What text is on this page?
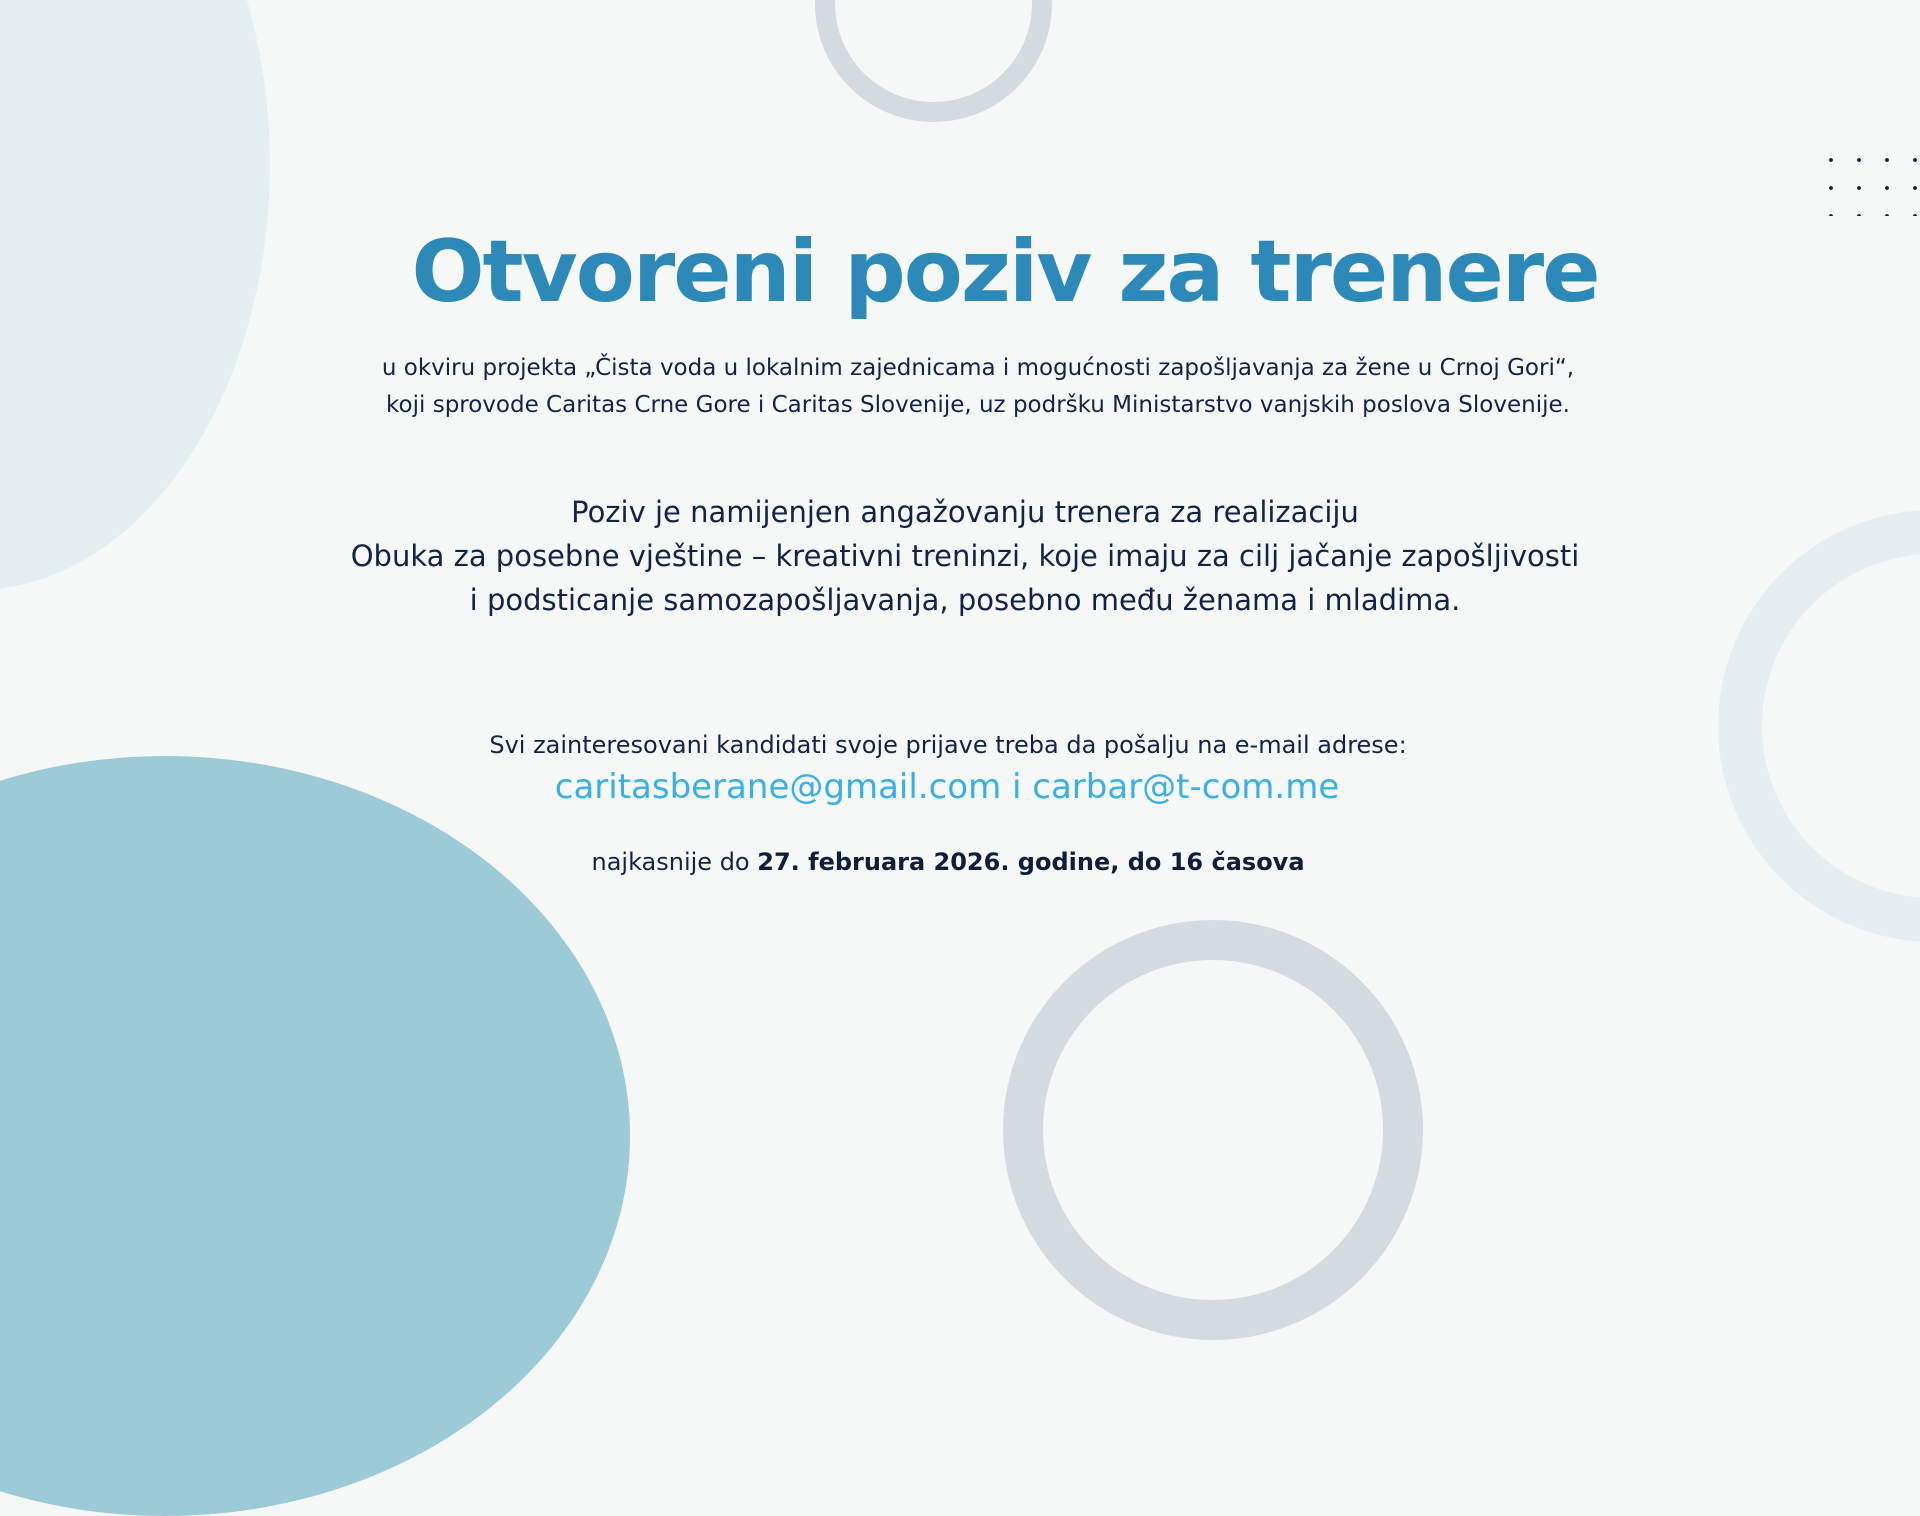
Otvoreni poziv za trenere
u okviru projekta „Čista voda u lokalnim zajednicama i mogućnosti zapošljavanja za žene u Crnoj Gori“,
koji sprovode Caritas Crne Gore i Caritas Slovenije, uz podršku Ministarstvo vanjskih poslova Slovenije.
Poziv je namijenjen angažovanju trenera za realizaciju
Obuka za posebne vještine – kreativni treninzi, koje imaju za cilj jačanje zapošljivosti
i podsticanje samozapošljavanja, posebno među ženama i mladima.
Svi zainteresovani kandidati svoje prijave treba da pošalju na e-mail adrese:
caritasberane@gmail.com i carbar@t-com.me
najkasnije do 27. februara 2026. godine, do 16 časova
